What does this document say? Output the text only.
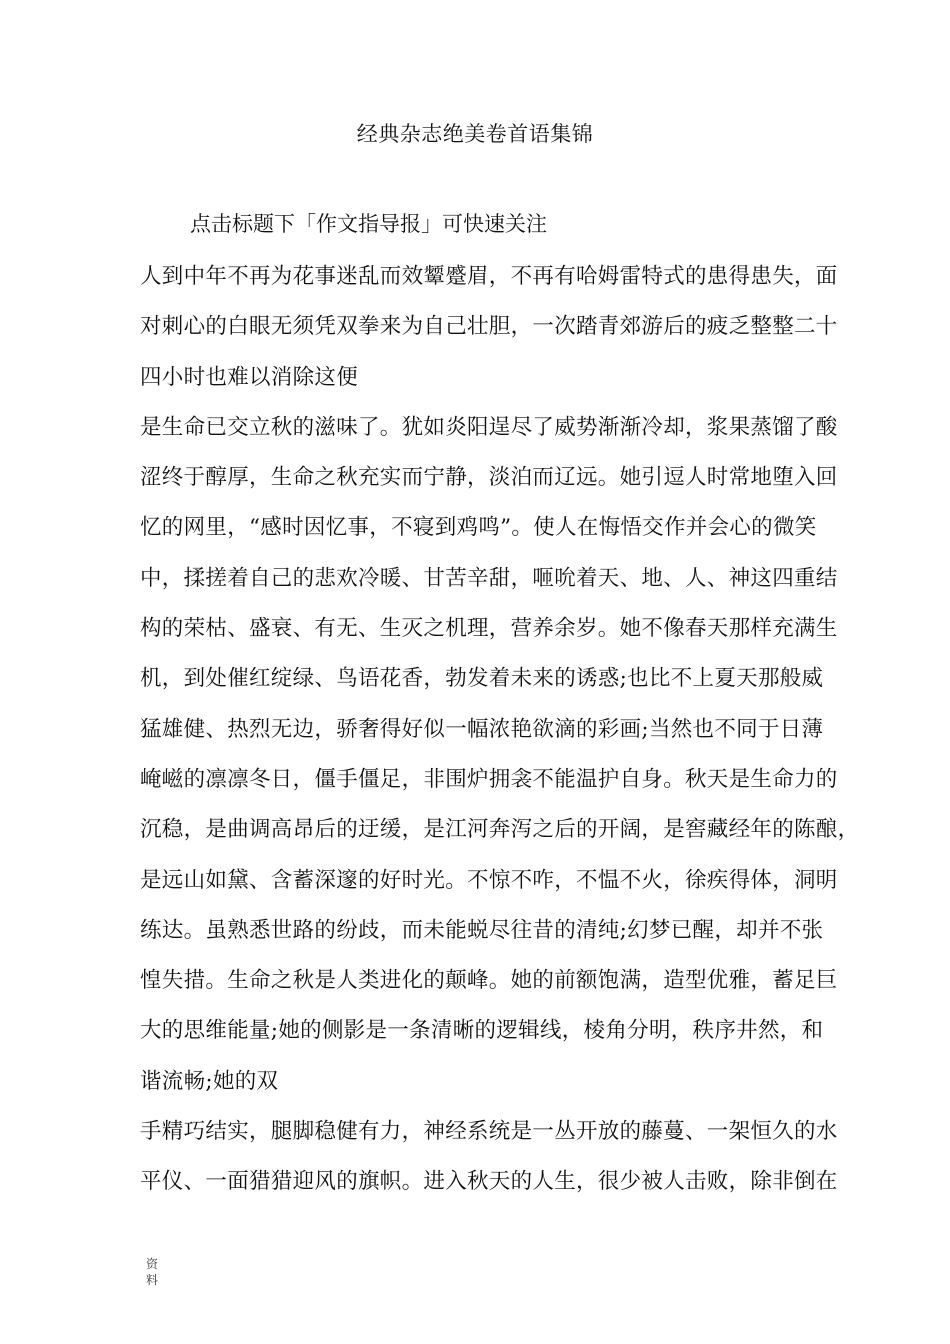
经典杂志绝美卷首语集锦
点击标题下「作文指导报」可快速关注
人到中年不再为花事迷乱而效颦蹙眉，不再有哈姆雷特式的患得患失，面
对刺心的白眼无须凭双拳来为自己壮胆，一次踏青郊游后的疲乏整整二十
四小时也难以消除这便
是生命已交立秋的滋味了。犹如炎阳逞尽了威势渐渐冷却，浆果蒸馏了酸
涩终于醇厚，生命之秋充实而宁静，淡泊而辽远。她引逗人时常地堕入回
忆的网里，“感时因忆事，不寝到鸡鸣”。使人在悔悟交作并会心的微笑
中，揉搓着自己的悲欢冷暖、甘苦辛甜，咂吮着天、地、人、神这四重结
构的荣枯、盛衰、有无、生灭之机理，营养余岁。她不像春天那样充满生
机，到处催红绽绿、鸟语花香，勃发着未来的诱惑;也比不上夏天那般威
猛雄健、热烈无边，骄奢得好似一幅浓艳欲滴的彩画;当然也不同于日薄
崦嵫的凛凛冬日，僵手僵足，非围炉拥衾不能温护自身。秋天是生命力的
沉稳，是曲调高昂后的迂缓，是江河奔泻之后的开阔，是窖藏经年的陈酿，
是远山如黛、含蓄深邃的好时光。不惊不咋，不愠不火，徐疾得体，洞明
练达。虽熟悉世路的纷歧，而未能蜕尽往昔的清纯;幻梦已醒，却并不张
惶失措。生命之秋是人类进化的颠峰。她的前额饱满，造型优雅，蓄足巨
大的思维能量;她的侧影是一条清晰的逻辑线，棱角分明，秩序井然，和
谐流畅;她的双
手精巧结实，腿脚稳健有力，神经系统是一丛开放的藤蔓、一架恒久的水
平仪、一面猎猎迎风的旗帜。进入秋天的人生，很少被人击败，除非倒在
资
料
